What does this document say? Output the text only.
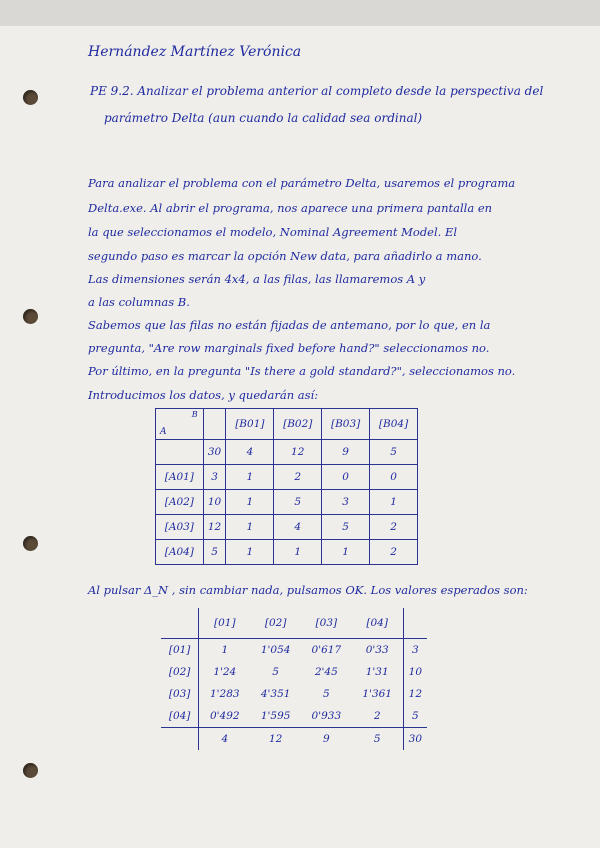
Hernández Martínez Verónica
PE 9.2. Analizar el problema anterior al completo desde la perspectiva del
parámetro Delta (aun cuando la calidad sea ordinal)
Para analizar el problema con el parámetro Delta, usaremos el programa
Delta.exe. Al abrir el programa, nos aparece una primera pantalla en
la que seleccionamos el modelo, Nominal Agreement Model. El
segundo paso es marcar la opción New data, para añadirlo a mano.
Las dimensiones serán 4x4, a las filas, las llamaremos A y
a las columnas B.
Sabemos que las filas no están fijadas de antemano, por lo que, en la
pregunta, "Are row marginals fixed before hand?" seleccionamos no.
Por último, en la pregunta "Is there a gold standard?", seleccionamos no.
Introducimos los datos, y quedarán así:
A
B		[B01]	[B02]	[B03]	[B04]
	30	4	12	9	5
[A01]	3	1	2	0	0
[A02]	10	1	5	3	1
[A03]	12	1	4	5	2
[A04]	5	1	1	1	2
Al pulsar Δ_N , sin cambiar nada, pulsamos OK. Los valores esperados son:
	[01]	[02]	[03]	[04]	
[01]	1	1'054	0'617	0'33	3
[02]	1'24	5	2'45	1'31	10
[03]	1'283	4'351	5	1'361	12
[04]	0'492	1'595	0'933	2	5
	4	12	9	5	30
